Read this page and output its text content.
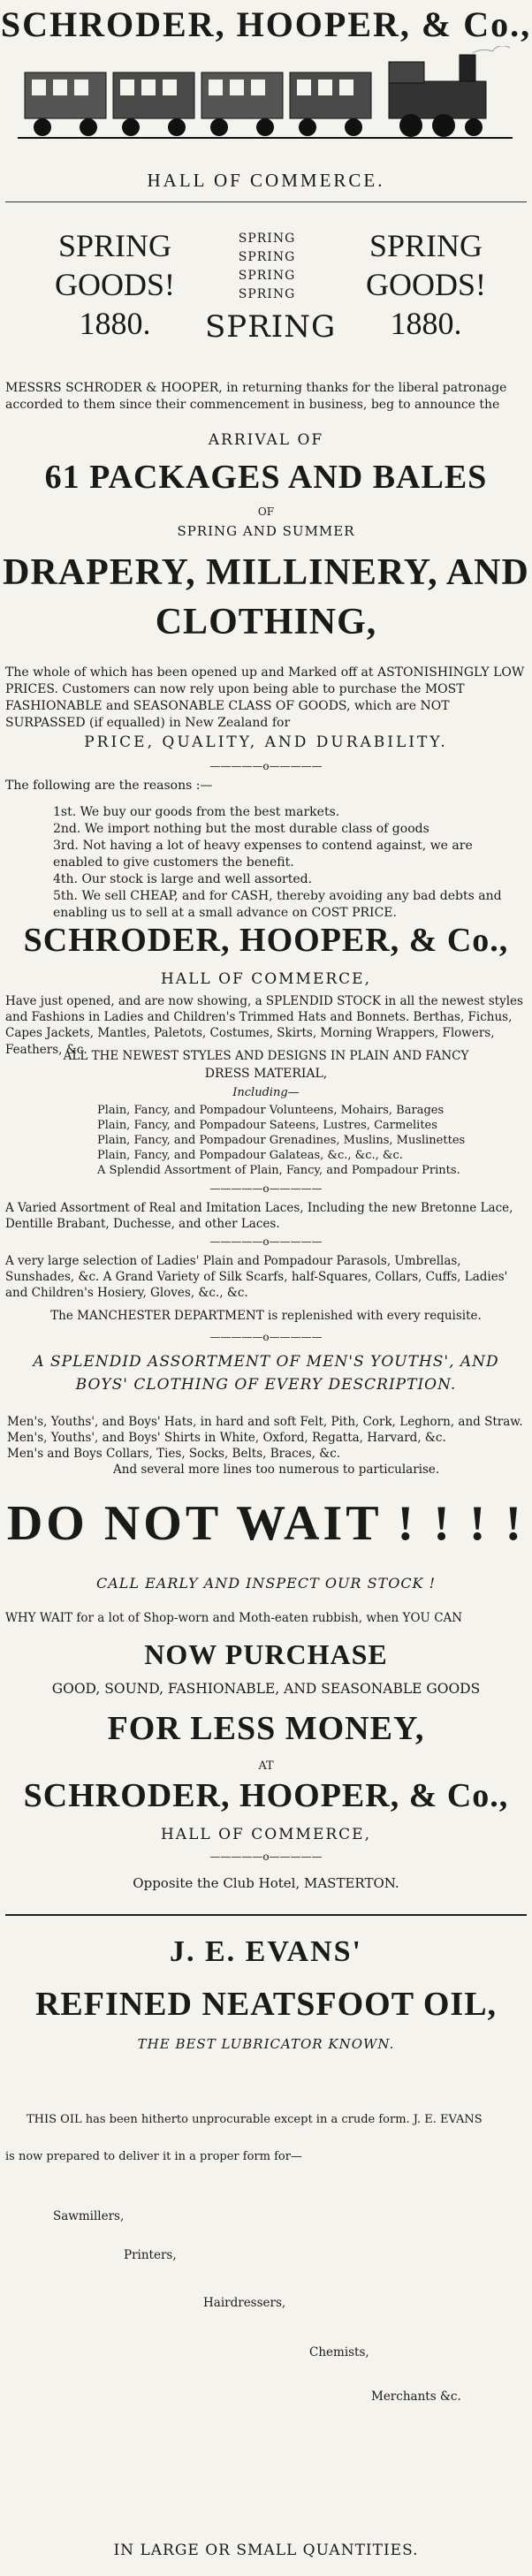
SCHRODER, HOOPER, & Co.,
HALL OF COMMERCE.
SPRING
GOODS!
1880.
SPRING
SPRING
SPRING
SPRING
SPRING
SPRING
GOODS!
1880.
MESSRS SCHRODER & HOOPER, in returning thanks for the liberal patronage accorded to them since their commencement in business, beg to announce the
ARRIVAL OF
61 PACKAGES AND BALES
OF
SPRING AND SUMMER
DRAPERY, MILLINERY, AND
CLOTHING,
The whole of which has been opened up and Marked off at ASTONISHINGLY LOW PRICES. Customers can now rely upon being able to purchase the MOST FASHIONABLE and SEASONABLE CLASS OF GOODS, which are NOT SURPASSED (if equalled) in New Zealand for
PRICE, QUALITY, AND DURABILITY.
—————o—————
The following are the reasons :—

1st. We buy our goods from the best markets.

2nd. We import nothing but the most durable class of goods

3rd. Not having a lot of heavy expenses to contend against, we are enabled to give customers the benefit.

4th. Our stock is large and well assorted.

5th. We sell CHEAP, and for CASH, thereby avoiding any bad debts and enabling us to sell at a small advance on COST PRICE.

SCHRODER, HOOPER, & Co.,
HALL OF COMMERCE,
Have just opened, and are now showing, a SPLENDID STOCK in all the newest styles and Fashions in Ladies and Children's Trimmed Hats and Bonnets. Berthas, Fichus, Capes Jackets, Mantles, Paletots, Costumes, Skirts, Morning Wrappers, Flowers, Feathers, &c.
ALL THE NEWEST STYLES AND DESIGNS IN PLAIN AND FANCY
DRESS MATERIAL,
Including—

Plain, Fancy, and Pompadour Volunteens, Mohairs, Barages

Plain, Fancy, and Pompadour Sateens, Lustres, Carmelites

Plain, Fancy, and Pompadour Grenadines, Muslins, Muslinettes

Plain, Fancy, and Pompadour Galateas, &c., &c., &c.

A Splendid Assortment of Plain, Fancy, and Pompadour Prints.

—————o—————
A Varied Assortment of Real and Imitation Laces, Including the new Bretonne Lace, Dentille Brabant, Duchesse, and other Laces.
—————o—————
A very large selection of Ladies' Plain and Pompadour Parasols, Umbrellas, Sunshades, &c. A Grand Variety of Silk Scarfs, half-Squares, Collars, Cuffs, Ladies' and Children's Hosiery, Gloves, &c., &c.
The MANCHESTER DEPARTMENT is replenished with every requisite.
—————o—————
A SPLENDID ASSORTMENT OF MEN'S YOUTHS', AND BOYS' CLOTHING OF EVERY DESCRIPTION.

Men's, Youths', and Boys' Hats, in hard and soft Felt, Pith, Cork, Leghorn, and Straw.

Men's, Youths', and Boys' Shirts in White, Oxford, Regatta, Harvard, &c.

Men's and Boys Collars, Ties, Socks, Belts, Braces, &c.

And several more lines too numerous to particularise.

DO NOT WAIT ! ! ! !
CALL EARLY AND INSPECT OUR STOCK !
WHY WAIT for a lot of Shop-worn and Moth-eaten rubbish, when YOU CAN
NOW PURCHASE
GOOD, SOUND, FASHIONABLE, AND SEASONABLE GOODS
FOR LESS MONEY,
AT
SCHRODER, HOOPER, & Co.,
HALL OF COMMERCE,
—————o—————
Opposite the Club Hotel, MASTERTON.
J. E. EVANS'
REFINED NEATSFOOT OIL,
THE BEST LUBRICATOR KNOWN.
THIS OIL has been hitherto unprocurable except in a crude form. J. E. EVANS
is now prepared to deliver it in a proper form for—
Sawmillers,
Printers,
Hairdressers,
Chemists,
Merchants &c.
IN LARGE OR SMALL QUANTITIES.
